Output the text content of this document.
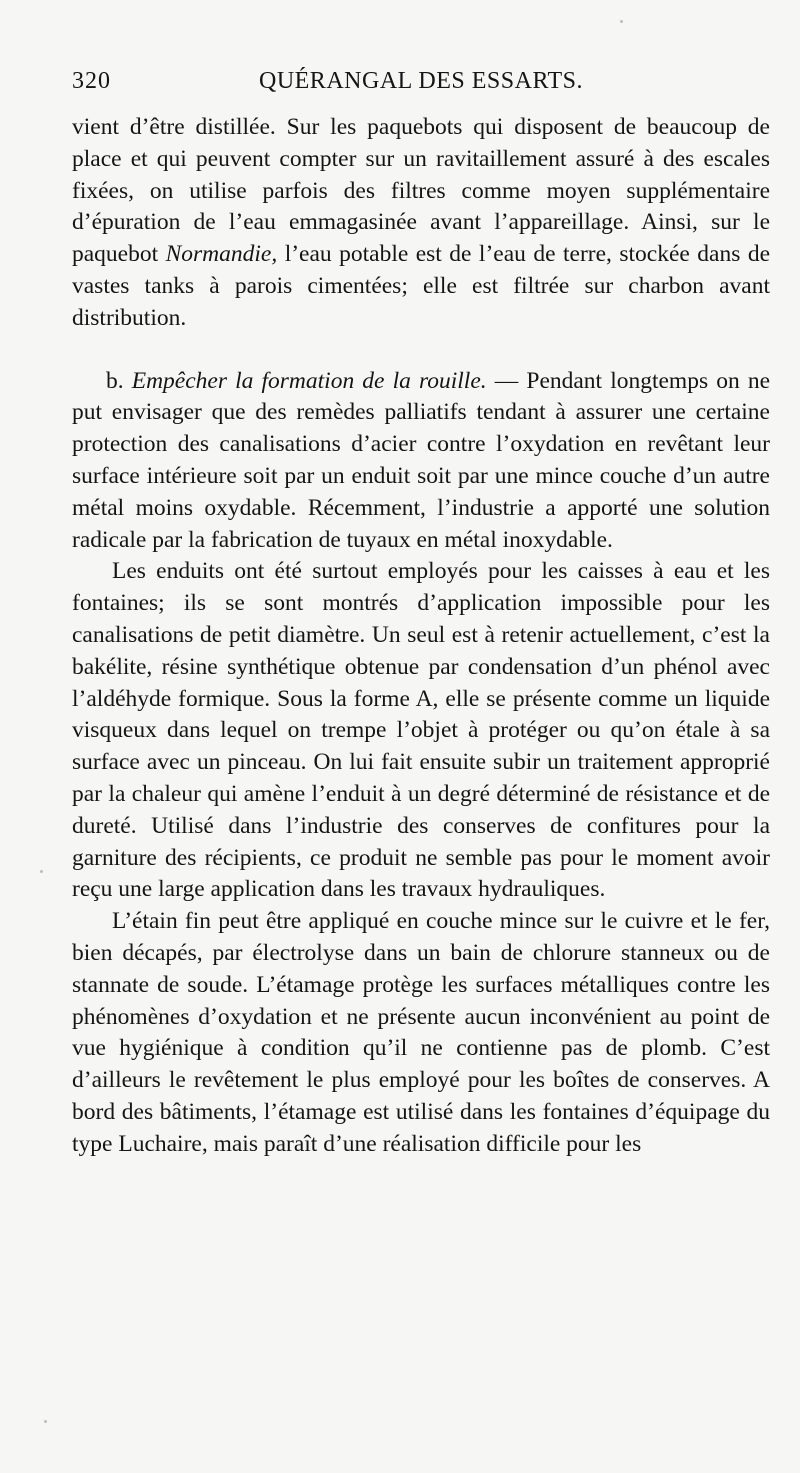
320	QUÉRANGAL DES ESSARTS.

vient d’être distillée. Sur les paquebots qui disposent de beaucoup de place et qui peuvent compter sur un ravitaillement assuré à des escales fixées, on utilise parfois des filtres comme moyen supplémentaire d’épuration de l’eau emmagasinée avant l’appareillage. Ainsi, sur le paquebot Normandie, l’eau potable est de l’eau de terre, stockée dans de vastes tanks à parois cimentées; elle est filtrée sur charbon avant distribution.

b. Empêcher la formation de la rouille. — Pendant longtemps on ne put envisager que des remèdes palliatifs tendant à assurer une certaine protection des canalisations d’acier contre l’oxydation en revêtant leur surface intérieure soit par un enduit soit par une mince couche d’un autre métal moins oxydable. Récemment, l’industrie a apporté une solution radicale par la fabrication de tuyaux en métal inoxydable.

Les enduits ont été surtout employés pour les caisses à eau et les fontaines; ils se sont montrés d’application impossible pour les canalisations de petit diamètre. Un seul est à retenir actuellement, c’est la bakélite, résine synthétique obtenue par condensation d’un phénol avec l’aldéhyde formique. Sous la forme A, elle se présente comme un liquide visqueux dans lequel on trempe l’objet à protéger ou qu’on étale à sa surface avec un pinceau. On lui fait ensuite subir un traitement approprié par la chaleur qui amène l’enduit à un degré déterminé de résistance et de dureté. Utilisé dans l’industrie des conserves de confitures pour la garniture des récipients, ce produit ne semble pas pour le moment avoir reçu une large application dans les travaux hydrauliques.

L’étain fin peut être appliqué en couche mince sur le cuivre et le fer, bien décapés, par électrolyse dans un bain de chlorure stanneux ou de stannate de soude. L’étamage protège les surfaces métalliques contre les phénomènes d’oxydation et ne présente aucun inconvénient au point de vue hygiénique à condition qu’il ne contienne pas de plomb. C’est d’ailleurs le revêtement le plus employé pour les boîtes de conserves. A bord des bâtiments, l’étamage est utilisé dans les fontaines d’équipage du type Luchaire, mais paraît d’une réalisation difficile pour les
